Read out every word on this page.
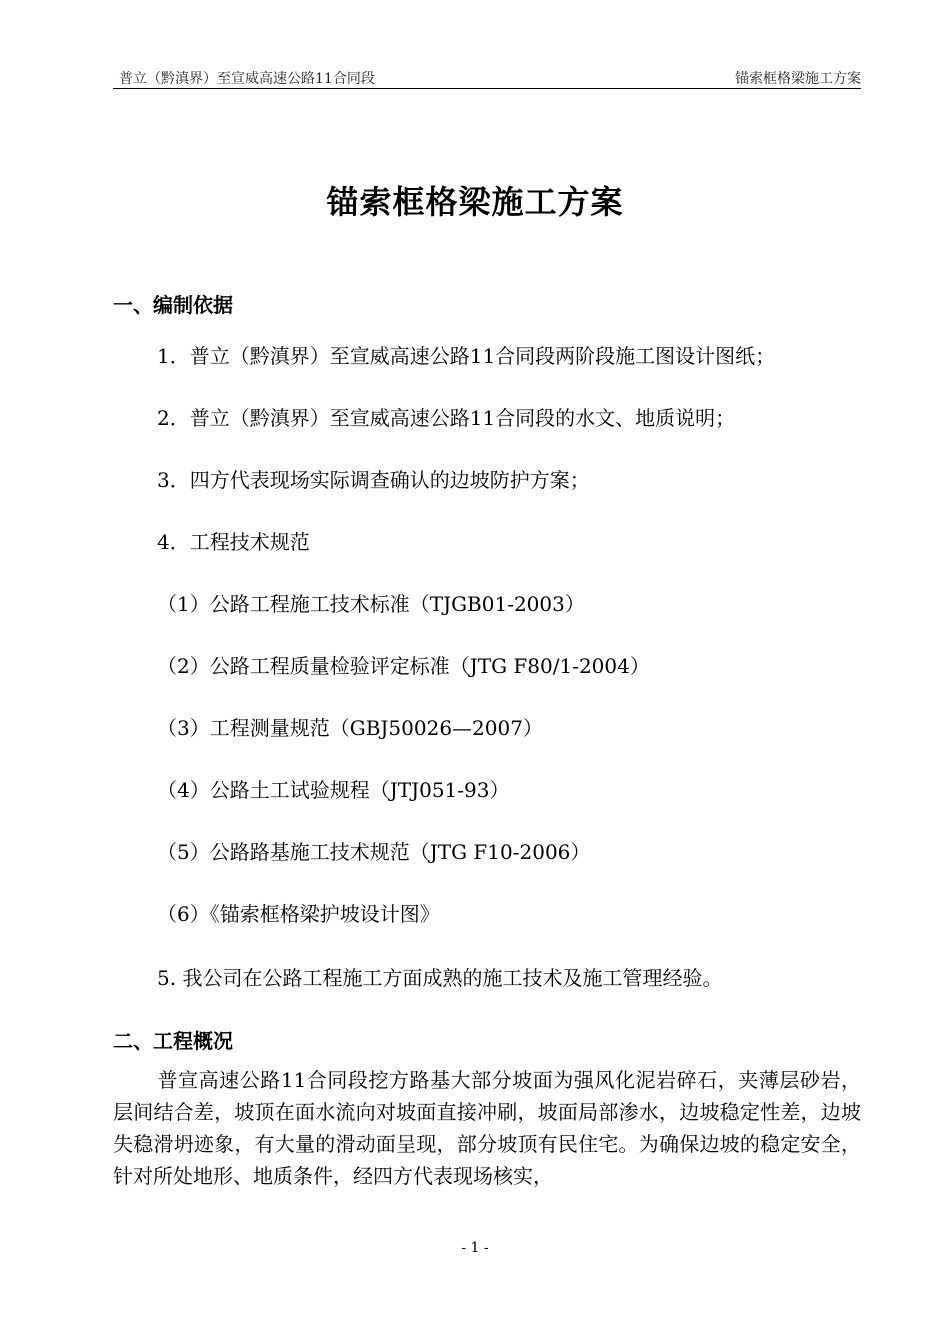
普立（黔滇界）至宣威高速公路11合同段	锚索框格梁施工方案
锚索框格梁施工方案
一、编制依据
1．普立（黔滇界）至宣威高速公路11合同段两阶段施工图设计图纸；
2．普立（黔滇界）至宣威高速公路11合同段的水文、地质说明；
3．四方代表现场实际调查确认的边坡防护方案；
4．工程技术规范
（1）公路工程施工技术标准（TJGB01-2003）
（2）公路工程质量检验评定标准（JTG F80/1-2004）
（3）工程测量规范（GBJ50026—2007）
（4）公路土工试验规程（JTJ051-93）
（5）公路路基施工技术规范（JTG F10-2006）
（6）《锚索框格梁护坡设计图》
5. 我公司在公路工程施工方面成熟的施工技术及施工管理经验。
二、工程概况
普宣高速公路11合同段挖方路基大部分坡面为强风化泥岩碎石，夹薄层砂岩，层间结合差，坡顶在面水流向对坡面直接冲刷，坡面局部渗水，边坡稳定性差，边坡失稳滑坍迹象，有大量的滑动面呈现，部分坡顶有民住宅。为确保边坡的稳定安全，针对所处地形、地质条件，经四方代表现场核实，
- 1 -
